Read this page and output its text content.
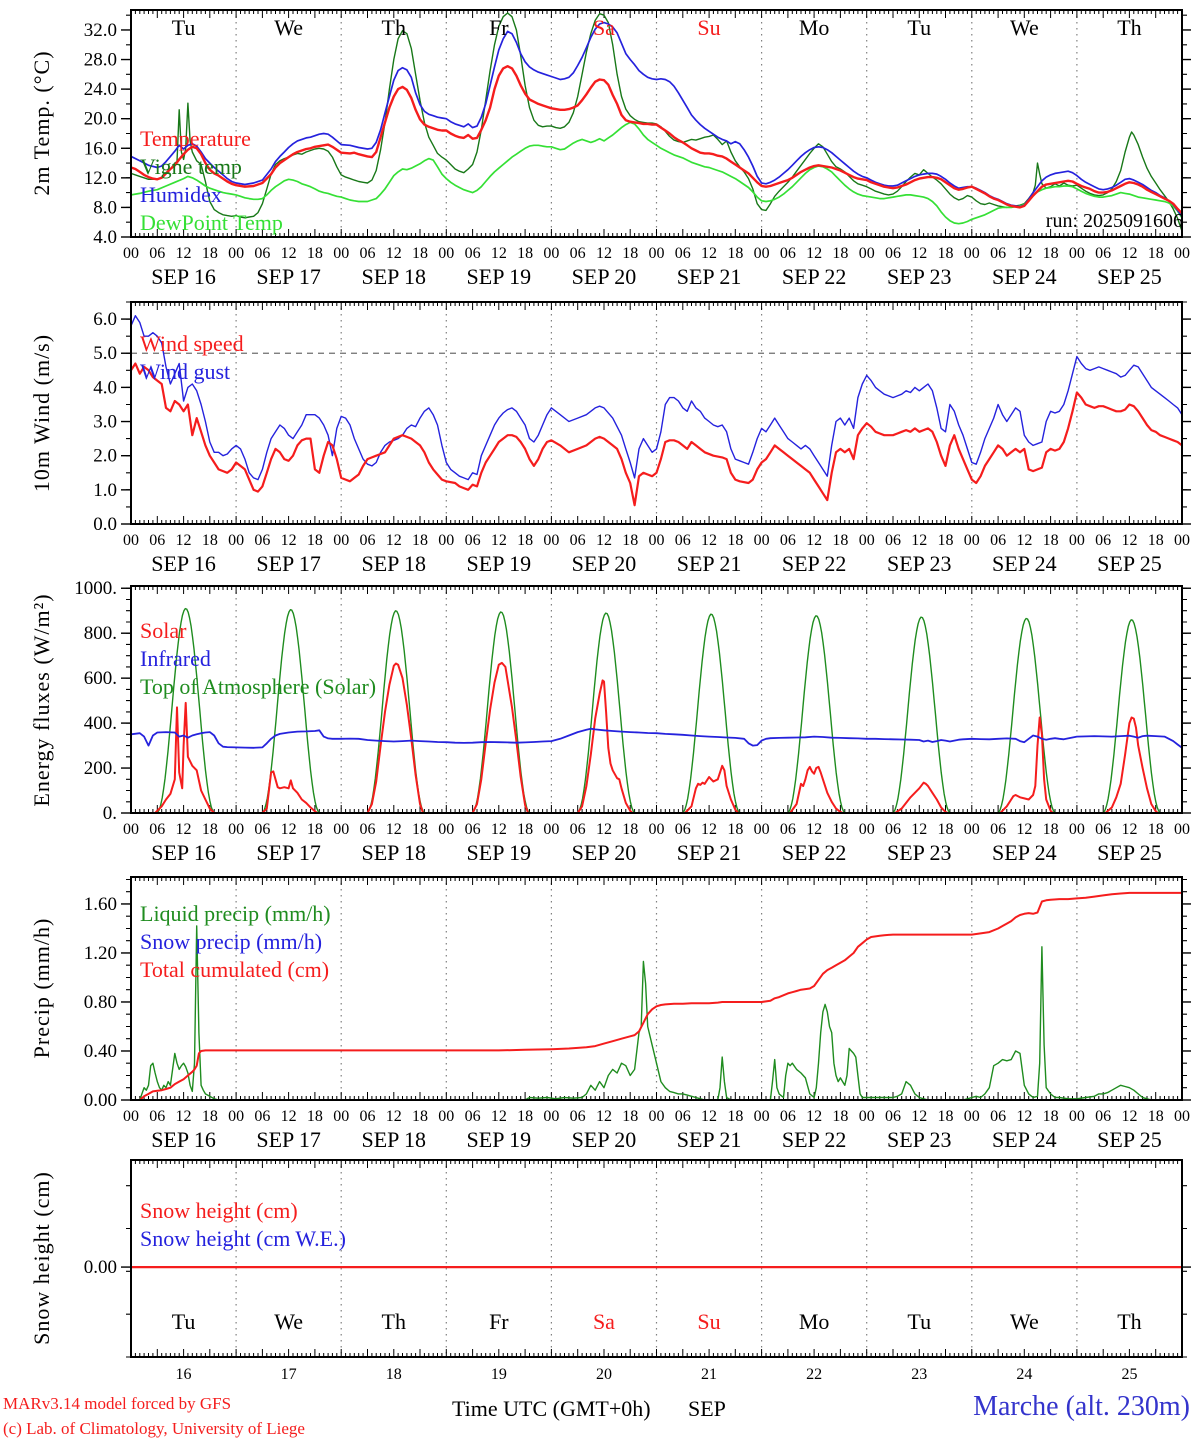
4.0
8.0
12.0
16.0
20.0
24.0
28.0
32.0
00 06 12 18 00 06 12 18 00 06 12 18 00 06 12 18 00 06 12 18 00 06 12 18 00 06 12 18 00 06 12 18 00 06 12 18 00 06 12 18 00
SEP 16 SEP 17 SEP 18 SEP 19 SEP 20 SEP 21 SEP 22 SEP 23 SEP 24 SEP 25
Tu	We	Th	Fr	Sa	Su	Mo	Tu	We	Th
0.0
1.0
2.0
3.0
4.0
5.0
6.0
00 06 12 18 00 06 12 18 00 06 12 18 00 06 12 18 00 06 12 18 00 06 12 18 00 06 12 18 00 06 12 18 00 06 12 18 00 06 12 18 00
SEP 16 SEP 17 SEP 18 SEP 19 SEP 20 SEP 21 SEP 22 SEP 23 SEP 24 SEP 25
0.
200.
400.
600.
800.
1000.
00 06 12 18 00 06 12 18 00 06 12 18 00 06 12 18 00 06 12 18 00 06 12 18 00 06 12 18 00 06 12 18 00 06 12 18 00 06 12 18 00
SEP 16 SEP 17 SEP 18 SEP 19 SEP 20 SEP 21 SEP 22 SEP 23 SEP 24 SEP 25
0.00
0.40
0.80
1.20
1.60
00 06 12 18 00 06 12 18 00 06 12 18 00 06 12 18 00 06 12 18 00 06 12 18 00 06 12 18 00 06 12 18 00 06 12 18 00 06 12 18 00
SEP 16 SEP 17 SEP 18 SEP 19 SEP 20 SEP 21 SEP 22 SEP 23 SEP 24 SEP 25
0.00
16	17	18	19	20	21	22	23	24	25
Tu	We	Th	Fr	Sa	Su	Mo	Tu	We	Th
2m Temp. (°C)
10m Wind (m/s)
Energy fluxes (W/m²)
Precip (mm/h)
Snow height (cm)
Temperature
Vigne temp
Humidex
DewPoint Temp
Wind speed
Wind gust
Solar
Infrared
Top of Atmosphere (Solar)
Liquid precip (mm/h)
Snow precip (mm/h)
Total cumulated (cm)
Snow height (cm)
Snow height (cm W.E.)
run: 2025091606
MARv3.14 model forced by GFS
(c) Lab. of Climatology, University of Liege
Time UTC (GMT+0h) SEP	Marche (alt. 230m)
